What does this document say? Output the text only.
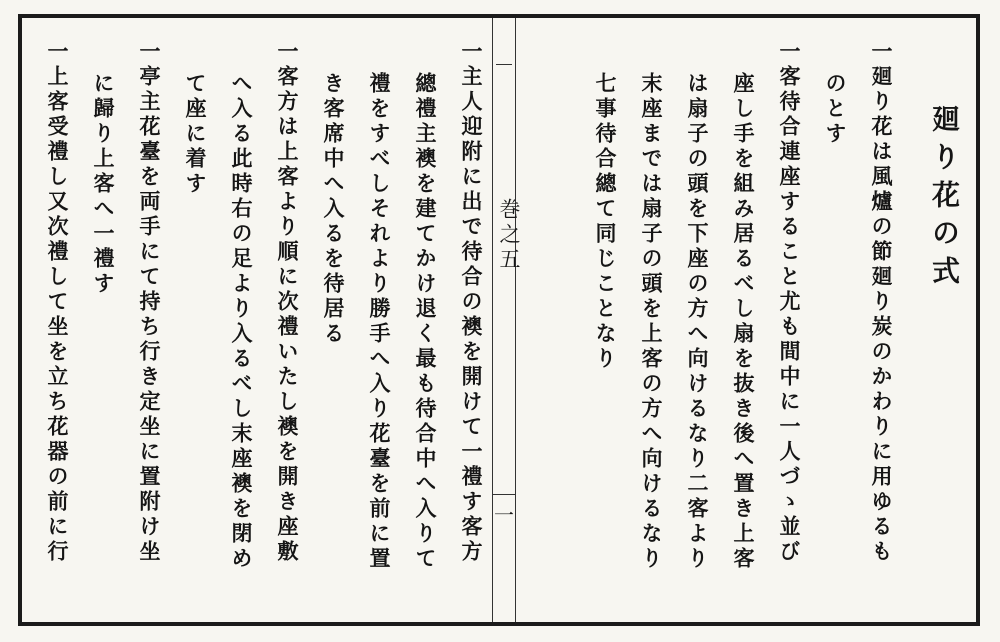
廻り花の式
一廻り花は風爐の節廻り炭のかわりに用ゆるも
のとす
一客待合連座すること尤も間中に一人づゝ並び
座し手を組み居るべし扇を抜き後へ置き上客
は扇子の頭を下座の方へ向けるなり二客より
末座までは扇子の頭を上客の方へ向けるなり
七事待合總て同じことなり
巻之五
一
一主人迎附に出で待合の襖を開けて一禮す客方
總禮主襖を建てかけ退く最も待合中へ入りて
禮をすべしそれより勝手へ入り花臺を前に置
き客席中へ入るを待居る
一客方は上客より順に次禮いたし襖を開き座敷
へ入る此時右の足より入るべし末座襖を閉め
て座に着す
一亭主花臺を両手にて持ち行き定坐に置附け坐
に歸り上客へ一禮す
一上客受禮し又次禮して坐を立ち花器の前に行
